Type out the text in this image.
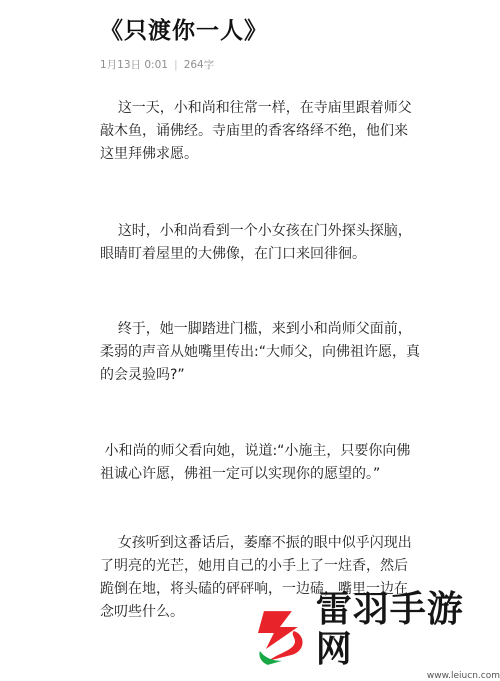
《只渡你一人》
1月13日 0:01 | 264字

这一天，小和尚和往常一样，在寺庙里跟着师父敲木鱼，诵佛经。寺庙里的香客络绎不绝，他们来这里拜佛求愿。

这时，小和尚看到一个小女孩在门外探头探脑，眼睛盯着屋里的大佛像，在门口来回徘徊。

终于，她一脚踏进门槛，来到小和尚师父面前，柔弱的声音从她嘴里传出:“大师父，向佛祖许愿，真的会灵验吗?”

小和尚的师父看向她，说道:“小施主，只要你向佛祖诚心许愿，佛祖一定可以实现你的愿望的。”

女孩听到这番话后，萎靡不振的眼中似乎闪现出了明亮的光芒，她用自己的小手上了一炷香，然后跪倒在地，将头磕的砰砰响，一边磕，嘴里一边在念叨些什么。	雷羽手游网
www.leiucn.com
